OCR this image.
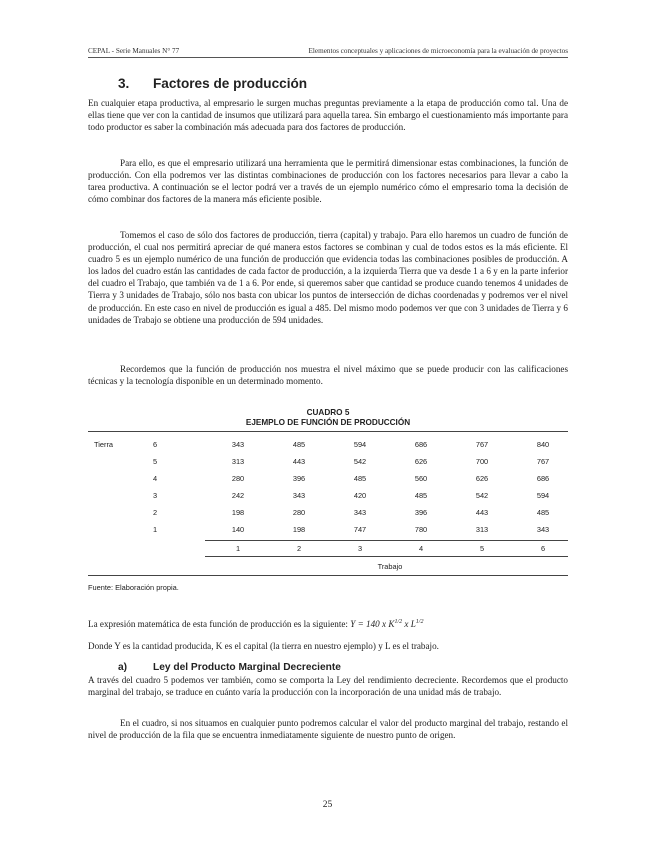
CEPAL - Serie Manuales N° 77	Elementos conceptuales y aplicaciones de microeconomía para la evaluación de proyectos
3. Factores de producción

En cualquier etapa productiva, al empresario le surgen muchas preguntas previamente a la etapa de producción como tal. Una de ellas tiene que ver con la cantidad de insumos que utilizará para aquella tarea. Sin embargo el cuestionamiento más importante para todo productor es saber la combinación más adecuada para dos factores de producción.

Para ello, es que el empresario utilizará una herramienta que le permitirá dimensionar estas combinaciones, la función de producción. Con ella podremos ver las distintas combinaciones de producción con los factores necesarios para llevar a cabo la tarea productiva. A continuación se el lector podrá ver a través de un ejemplo numérico cómo el empresario toma la decisión de cómo combinar dos factores de la manera más eficiente posible.

Tomemos el caso de sólo dos factores de producción, tierra (capital) y trabajo. Para ello haremos un cuadro de función de producción, el cual nos permitirá apreciar de qué manera estos factores se combinan y cual de todos estos es la más eficiente. El cuadro 5 es un ejemplo numérico de una función de producción que evidencia todas las combinaciones posibles de producción. A los lados del cuadro están las cantidades de cada factor de producción, a la izquierda Tierra que va desde 1 a 6 y en la parte inferior del cuadro el Trabajo, que también va de 1 a 6. Por ende, si queremos saber que cantidad se produce cuando tenemos 4 unidades de Tierra y 3 unidades de Trabajo, sólo nos basta con ubicar los puntos de intersección de dichas coordenadas y podremos ver el nivel de producción. En este caso en nivel de producción es igual a 485. Del mismo modo podemos ver que con 3 unidades de Tierra y 6 unidades de Trabajo se obtiene una producción de 594 unidades.

Recordemos que la función de producción nos muestra el nivel máximo que se puede producir con las calificaciones técnicas y la tecnología disponible en un determinado momento.

CUADRO 5
EJEMPLO DE FUNCIÓN DE PRODUCCIÓN
Tierra	6	343	485	594	686	767	840
5	313	443	542	626	700	767
4	280	396	485	560	626	686
3	242	343	420	485	542	594
2	198	280	343	396	443	485
1	140	198	747	780	313	343
1	2	3	4	5	6
Trabajo
Fuente: Elaboración propia.

La expresión matemática de esta función de producción es la siguiente: Y = 140 x $K^{1/2}$ x $L^{1/2}$

Donde Y es la cantidad producida, K es el capital (la tierra en nuestro ejemplo) y L es el trabajo.

a)	Ley del Producto Marginal Decreciente

A través del cuadro 5 podemos ver también, como se comporta la Ley del rendimiento decreciente. Recordemos que el producto marginal del trabajo, se traduce en cuánto varía la producción con la incorporación de una unidad más de trabajo.

En el cuadro, si nos situamos en cualquier punto podremos calcular el valor del producto marginal del trabajo, restando el nivel de producción de la fila que se encuentra inmediatamente siguiente de nuestro punto de origen.

25
